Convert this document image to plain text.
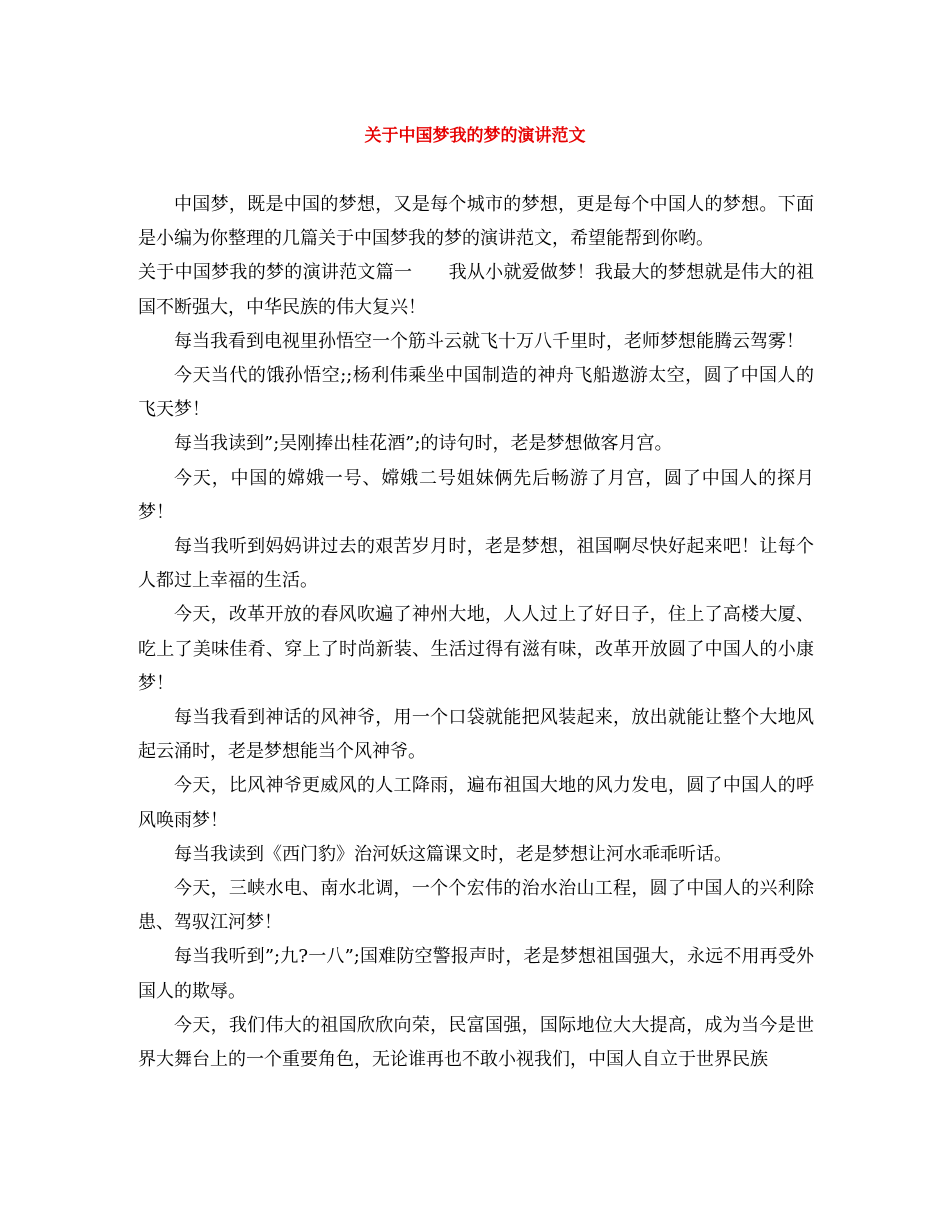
关于中国梦我的梦的演讲范文

中国梦，既是中国的梦想，又是每个城市的梦想，更是每个中国人的梦想。下面是小编为你整理的几篇关于中国梦我的梦的演讲范文，希望能帮到你哟。

关于中国梦我的梦的演讲范文篇一 我从小就爱做梦！我最大的梦想就是伟大的祖国不断强大，中华民族的伟大复兴！

每当我看到电视里孙悟空一个筋斗云就飞十万八千里时，老师梦想能腾云驾雾！

今天当代的饿孙悟空;;杨利伟乘坐中国制造的神舟飞船遨游太空，圆了中国人的飞天梦！

每当我读到”;吴刚捧出桂花酒”;的诗句时，老是梦想做客月宫。

今天，中国的嫦娥一号、嫦娥二号姐妹俩先后畅游了月宫，圆了中国人的探月梦！

每当我听到妈妈讲过去的艰苦岁月时，老是梦想，祖国啊尽快好起来吧！让每个人都过上幸福的生活。

今天，改革开放的春风吹遍了神州大地，人人过上了好日子，住上了高楼大厦、吃上了美味佳肴、穿上了时尚新装、生活过得有滋有味，改革开放圆了中国人的小康梦！

每当我看到神话的风神爷，用一个口袋就能把风装起来，放出就能让整个大地风起云涌时，老是梦想能当个风神爷。

今天，比风神爷更威风的人工降雨，遍布祖国大地的风力发电，圆了中国人的呼风唤雨梦！

每当我读到《西门豹》治河妖这篇课文时，老是梦想让河水乖乖听话。

今天，三峡水电、南水北调，一个个宏伟的治水治山工程，圆了中国人的兴利除患、驾驭江河梦！

每当我听到”;九?一八”;国难防空警报声时，老是梦想祖国强大，永远不用再受外国人的欺辱。

今天，我们伟大的祖国欣欣向荣，民富国强，国际地位大大提高，成为当今是世界大舞台上的一个重要角色，无论谁再也不敢小视我们，中国人自立于世界民族
